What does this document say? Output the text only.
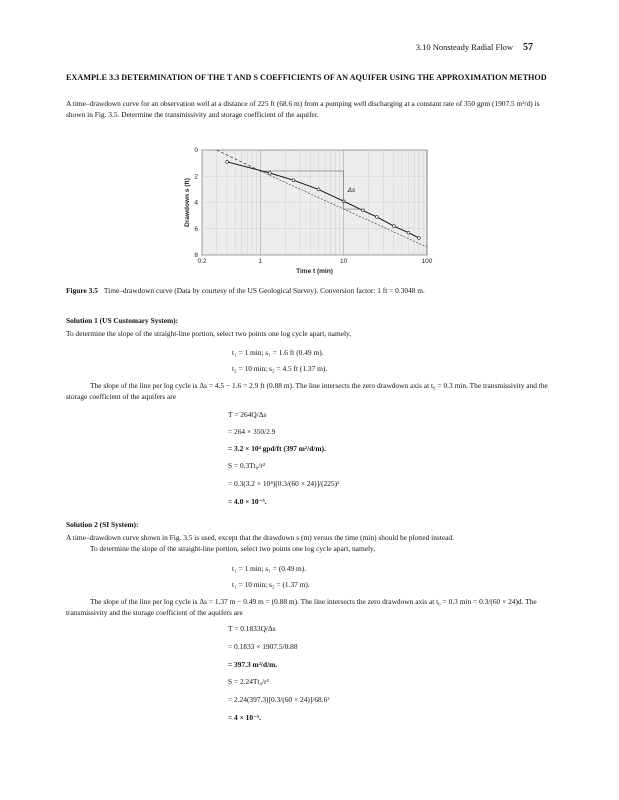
3.10 Nonsteady Radial Flow 57
EXAMPLE 3.3 DETERMINATION OF THE T AND S COEFFICIENTS OF AN AQUIFER USING THE APPROXIMATION METHOD
A time–drawdown curve for an observation well at a distance of 225 ft (68.6 m) from a pumping well discharging at a constant rate of 350 gpm (1907.5 m³/d) is shown in Fig. 3.5. Determine the transmissivity and storage coefficient of the aquifer.
0
2
4
6
8
0.2	1	10	100
Time t (min)
Drawdown s (ft)	Δs
Figure 3.5 Time–drawdown curve (Data by courtesy of the US Geological Survey). Conversion factor: 1 ft = 0.3048 m.
Solution 1 (US Customary System):
To determine the slope of the straight-line portion, select two points one log cycle apart, namely,
t₁ = 1 min; s₁ = 1.6 ft (0.49 m).
t₂ = 10 min; s₂ = 4.5 ft (1.37 m).
The slope of the line per log cycle is Δs = 4.5 − 1.6 = 2.9 ft (0.88 m). The line intersects the zero drawdown axis at t₀ = 0.3 min. The transmissivity and the storage coefficient of the aquifers are
T = 264Q/Δs
= 264 × 350/2.9
= 3.2 × 10⁴ gpd/ft (397 m²/d/m).
S = 0.3Tt₀/r²
= 0.3(3.2 × 10⁴)[0.3/(60 × 24)]/(225)²
= 4.0 × 10⁻⁵.
Solution 2 (SI System):
A time–drawdown curve shown in Fig. 3.5 is used, except that the drawdown s (m) versus the time (min) should be plotted instead.
To determine the slope of the straight-line portion, select two points one log cycle apart, namely,
t₁ = 1 min; s₁ = (0.49 m).
t₁ = 10 min; s₂ = (1.37 m).
The slope of the line per log cycle is Δs = 1.37 m − 0.49 m = (0.88 m). The line intersects the zero drawdown axis at t₀ = 0.3 min = 0.3/(60 × 24)d. The transmissivity and the storage coefficient of the aquifers are
T = 0.1833Q/Δs
= 0.1833 × 1907.5/0.88
= 397.3 m²/d/m.
S = 2.24Tt₀/r²
= 2.24(397.3)[0.3/(60 × 24)]/68.6²
= 4 × 10⁻⁵.
